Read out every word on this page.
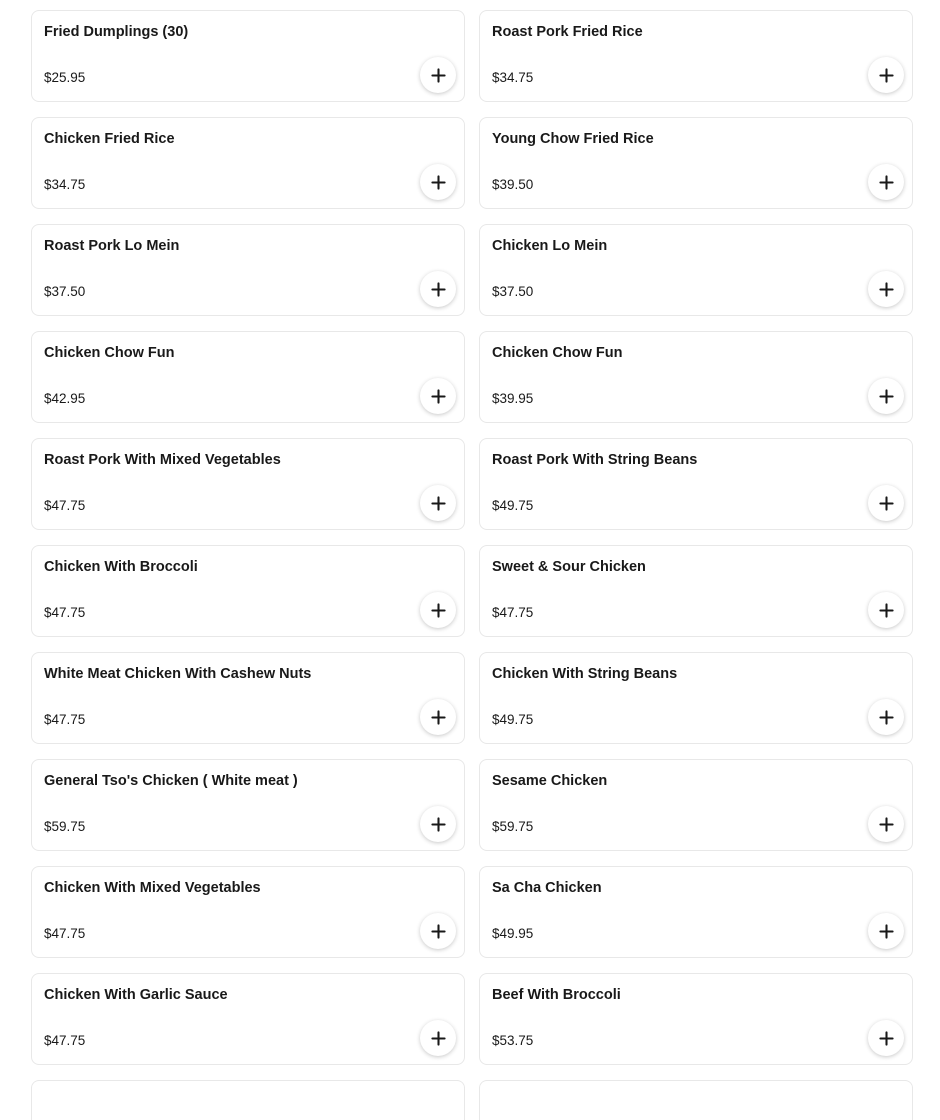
Fried Dumplings (30)
$25.95
Roast Pork Fried Rice
$34.75
Chicken Fried Rice
$34.75
Young Chow Fried Rice
$39.50
Roast Pork Lo Mein
$37.50
Chicken Lo Mein
$37.50
Chicken Chow Fun
$42.95
Chicken Chow Fun
$39.95
Roast Pork With Mixed Vegetables
$47.75
Roast Pork With String Beans
$49.75
Chicken With Broccoli
$47.75
Sweet & Sour Chicken
$47.75
White Meat Chicken With Cashew Nuts
$47.75
Chicken With String Beans
$49.75
General Tso's Chicken ( White meat )
$59.75
Sesame Chicken
$59.75
Chicken With Mixed Vegetables
$47.75
Sa Cha Chicken
$49.95
Chicken With Garlic Sauce
$47.75
Beef With Broccoli
$53.75
